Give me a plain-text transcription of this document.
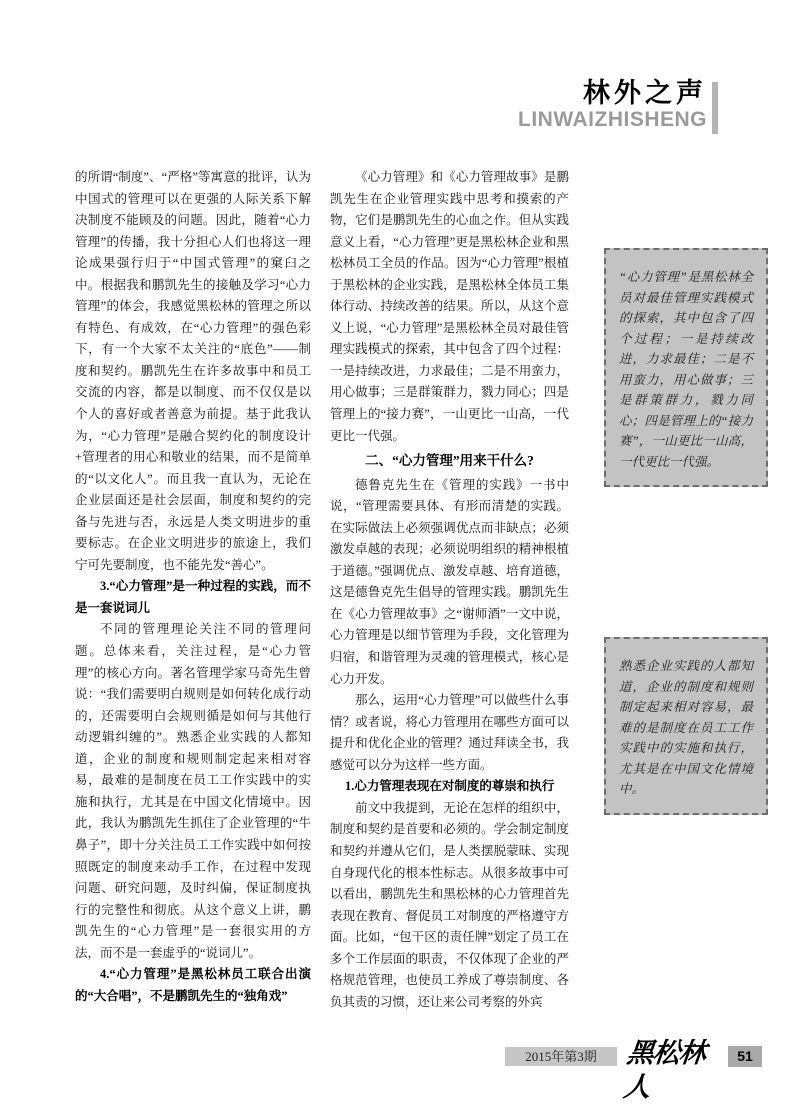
林外之声
LINWAIZHISHENG

的所谓“制度”、“严格”等寓意的批评，认为中国式的管理可以在更强的人际关系下解决制度不能顾及的问题。因此，随着“心力管理”的传播，我十分担心人们也将这一理论成果强行归于“中国式管理”的窠臼之中。根据我和鹏凯先生的接触及学习“心力管理”的体会，我感觉黑松林的管理之所以有特色、有成效，在“心力管理”的强色彩下，有一个大家不太关注的“底色”——制度和契约。鹏凯先生在许多故事中和员工交流的内容，都是以制度、而不仅仅是以个人的喜好或者善意为前提。基于此我认为，“心力管理”是融合契约化的制度设计+管理者的用心和敬业的结果，而不是简单的“以文化人”。而且我一直认为，无论在企业层面还是社会层面，制度和契约的完备与先进与否，永远是人类文明进步的重要标志。在企业文明进步的旅途上，我们宁可先要制度，也不能先发“善心”。

3.“心力管理”是一种过程的实践，而不是一套说词儿

不同的管理理论关注不同的管理问题。总体来看，关注过程，是“心力管理”的核心方向。著名管理学家马奇先生曾说：“我们需要明白规则是如何转化成行动的，还需要明白会规则循是如何与其他行动逻辑纠缠的”。熟悉企业实践的人都知道，企业的制度和规则制定起来相对容易，最难的是制度在员工工作实践中的实施和执行，尤其是在中国文化情境中。因此，我认为鹏凯先生抓住了企业管理的“牛鼻子”，即十分关注员工工作实践中如何按照既定的制度来动手工作，在过程中发现问题、研究问题，及时纠偏，保证制度执行的完整性和彻底。从这个意义上讲，鹏凯先生的“心力管理”是一套很实用的方法，而不是一套虚乎的“说词儿”。

4.“心力管理”是黑松林员工联合出演的“大合唱”，不是鹏凯先生的“独角戏”

《心力管理》和《心力管理故事》是鹏凯先生在企业管理实践中思考和摸索的产物，它们是鹏凯先生的心血之作。但从实践意义上看，“心力管理”更是黑松林企业和黑松林员工全员的作品。因为“心力管理”根植于黑松林的企业实践，是黑松林全体员工集体行动、持续改善的结果。所以，从这个意义上说，“心力管理”是黑松林全员对最佳管理实践模式的探索，其中包含了四个过程：一是持续改进，力求最佳；二是不用蛮力，用心做事；三是群策群力，戮力同心；四是管理上的“接力赛”，一山更比一山高，一代更比一代强。

二、“心力管理”用来干什么?

德鲁克先生在《管理的实践》一书中说，“管理需要具体、有形而清楚的实践。在实际做法上必须强调优点而非缺点；必须激发卓越的表现；必须说明组织的精神根植于道德。”强调优点、激发卓越、培育道德，这是德鲁克先生倡导的管理实践。鹏凯先生在《心力管理故事》之“谢师酒”一文中说，心力管理是以细节管理为手段，文化管理为归宿，和谐管理为灵魂的管理模式，核心是心力开发。

那么，运用“心力管理”可以做些什么事情？或者说，将心力管理用在哪些方面可以提升和优化企业的管理？通过拜读全书，我感觉可以分为这样一些方面。

1.心力管理表现在对制度的尊崇和执行

前文中我提到，无论在怎样的组织中，制度和契约是首要和必须的。学会制定制度和契约并遵从它们，是人类摆脱蒙昧、实现自身现代化的根本性标志。从很多故事中可以看出，鹏凯先生和黑松林的心力管理首先表现在教育、督促员工对制度的严格遵守方面。比如，“包干区的责任牌”划定了员工在多个工作层面的职责，不仅体现了企业的严格规范管理，也使员工养成了尊崇制度、各负其责的习惯，还让来公司考察的外宾

“心力管理”是黑松林全员对最佳管理实践模式的探索，其中包含了四个过程；一是持续改进，力求最佳；二是不用蛮力，用心做事；三是群策群力，戮力同心；四是管理上的“接力赛”，一山更比一山高，一代更比一代强。
熟悉企业实践的人都知道，企业的制度和规则制定起来相对容易，最难的是制度在员工工作实践中的实施和执行，尤其是在中国文化情境中。
2015年第3期	黑松林人
51
